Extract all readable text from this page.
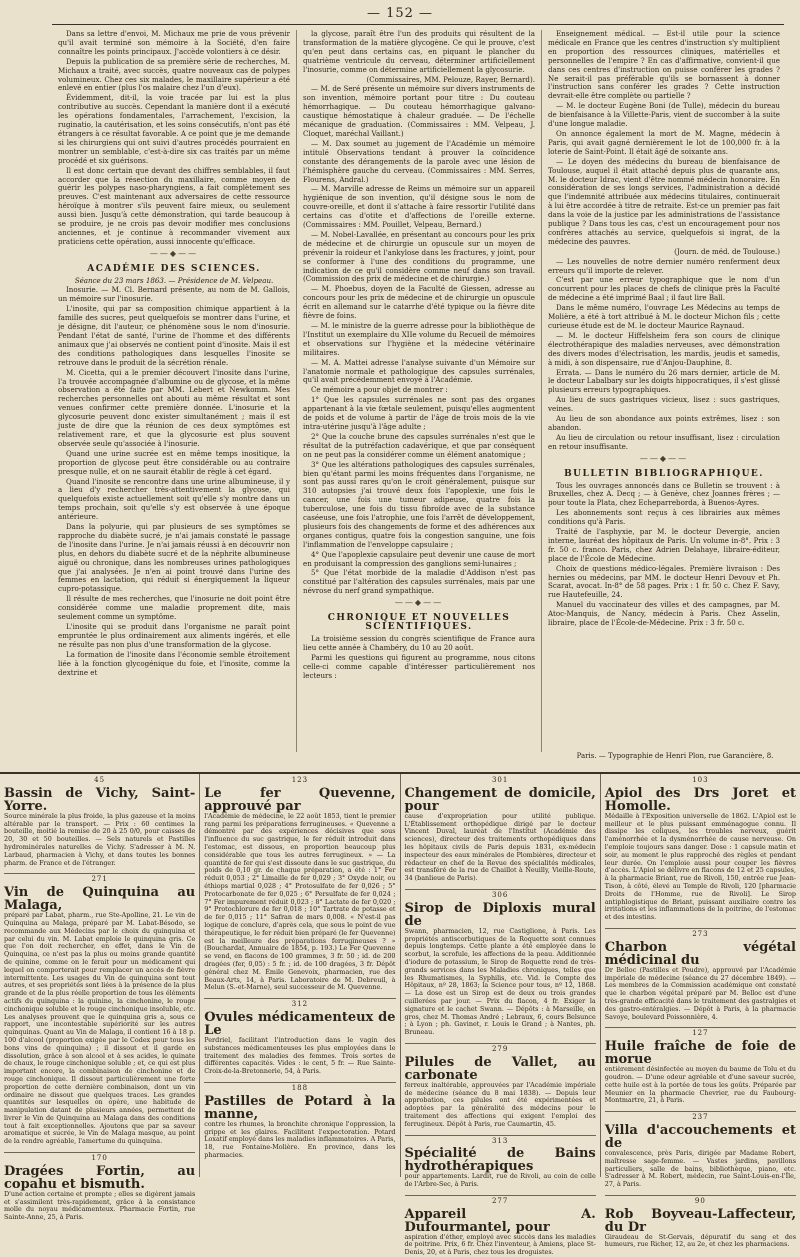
— 152 —

Dans sa lettre d'envoi, M. Michaux me prie de vous prévenir qu'il avait terminé son mémoire à la Société, d'en faire connaître les points principaux. J'accède volontiers à ce désir.

Depuis la publication de sa première série de recherches, M. Michaux a traité, avec succès, quatre nouveaux cas de polypes volumineux. Chez ces six malades, le maxillaire supérieur a été enlevé en entier (plus l'os malaire chez l'un d'eux).

Évidemment, dit-il, la voie tracée par lui est la plus contributive au succès. Cependant la manière dont il a exécuté les opérations fondamentales, l'arrachement, l'excision, la ruginatio, la cautérisation, et les soins consécutifs, n'ont pas été étrangers à ce résultat favorable. A ce point que je me demande si les chirurgiens qui ont suivi d'autres procédés pourraient en montrer un semblable, c'est-à-dire six cas traités par un même procédé et six guérisons.

Il est donc certain que devant des chiffres semblables, il faut accorder que la résection du maxillaire, comme moyen de guérir les polypes naso-pharyngiens, a fait complètement ses preuves. C'est maintenant aux adversaires de cette ressource héroïque à montrer s'ils peuvent faire mieux, ou seulement aussi bien. Jusqu'à cette démonstration, qui tarde beaucoup à se produire, je ne crois pas devoir modifier mes conclusions anciennes, et je continue à recommander vivement aux praticiens cette opération, aussi innocente qu'efficace.

——◆——
ACADÉMIE DES SCIENCES.

Séance du 23 mars 1863. — Présidence de M. Velpeau.

Inosurie. — M. Cl. Bernard présente, au nom de M. Gallois, un mémoire sur l'inosurie.

L'inosite, qui par sa composition chimique appartient à la famille des sucres, peut quelquefois se montrer dans l'urine, et je désigne, dit l'auteur, ce phénomène sous le nom d'inosurie. Pendant l'état de santé, l'urine de l'homme et des différents animaux que j'ai observés ne contient point d'inosite. Mais il est des conditions pathologiques dans lesquelles l'inosite se retrouve dans le produit de la sécrétion rénale.

M. Cicetta, qui a le premier découvert l'inosite dans l'urine, l'a trouvée accompagnée d'albumine ou de glycose, et la même observation a été faite par MM. Lebert et Newkomm. Mes recherches personnelles ont abouti au même résultat et sont venues confirmer cette première donnée. L'inosurie et la glycosurie peuvent donc exister simultanément ; mais il est juste de dire que la réunion de ces deux symptômes est relativement rare, et que la glycosurie est plus souvent observée seule qu'associée à l'inosurie.

Quand une urine sucrée est en même temps inositique, la proportion de glycose peut être considérable ou au contraire presque nulle, et on ne saurait établir de règle à cet égard.

Quand l'inosite se rencontre dans une urine albumineuse, il y a lieu d'y rechercher très-attentivement la glycose, qui quelquefois existe actuellement soit qu'elle s'y montre dans un temps prochain, soit qu'elle s'y est observée à une époque antérieure.

Dans la polyurie, qui par plusieurs de ses symptômes se rapproche du diabète sucré, je n'ai jamais constaté le passage de l'inosite dans l'urine. Je n'ai jamais réussi à en découvrir non plus, en dehors du diabète sucré et de la néphrite albumineuse aiguë ou chronique, dans les nombreuses urines pathologiques que j'ai analysées. Je n'en ai point trouvé dans l'urine des femmes en lactation, qui réduit si énergiquement la liqueur cupro-potassique.

Il résulte de mes recherches, que l'inosurie ne doit point être considérée comme une maladie proprement dite, mais seulement comme un symptôme.

L'inosite qui se produit dans l'organisme ne paraît point empruntée le plus ordinairement aux aliments ingérés, et elle ne résulte pas non plus d'une transformation de la glycose.

La formation de l'inosite dans l'économie semble étroitement liée à la fonction glycogénique du foie, et l'inosite, comme la dextrine et

la glycose, paraît être l'un des produits qui résultent de la transformation de la matière glycogène. Ce qui le prouve, c'est qu'en peut dans certains cas, en piquant le plancher du quatrième ventricule du cerveau, déterminer artificiellement l'inosurie, comme on détermine artificiellement la glycosurie.

(Commissaires, MM. Pelouze, Rayer, Bernard).

— M. de Seré présente un mémoire sur divers instruments de son invention, mémoire portant pour titre : Du couteau hémorrhagique. — Du couteau hémorrhagique galvano-caustique hémostatique à chaleur graduée. — De l'échelle mécanique de graduation. (Commissaires : MM. Velpeau, J. Cloquet, maréchal Vaillant.)

— M. Dax soumet au jugement de l'Académie un mémoire intitulé Observations tendant à prouver la coïncidence constante des dérangements de la parole avec une lésion de l'hémisphère gauche du cerveau. (Commissaires : MM. Serres, Flourens, Andral.)

— M. Marville adresse de Reims un mémoire sur un appareil hygiénique de son invention, qu'il désigne sous le nom de couvre-oreille, et dont il s'attache à faire ressortir l'utilité dans certains cas d'otite et d'affections de l'oreille externe. (Commissaires : MM. Pouillet, Velpeau, Bernard.)

— M. Nobel-Lavallée, en présentant au concours pour les prix de médecine et de chirurgie un opuscule sur un moyen de prévenir la roideur et l'ankylose dans les fractures, y joint, pour se conformer à l'une des conditions du programme, une indication de ce qu'il considère comme neuf dans son travail. (Commission des prix de médecine et de chirurgie.)

— M. Phoebus, doyen de la Faculté de Giessen, adresse au concours pour les prix de médecine et de chirurgie un opuscule écrit en allemand sur le catarrhe d'été typique ou la fièvre dite fièvre de foins.

— M. le ministre de la guerre adresse pour la bibliothèque de l'Institut un exemplaire du XIIe volume du Recueil de mémoires et observations sur l'hygiène et la médecine vétérinaire militaires.

— M. A. Mattei adresse l'analyse suivante d'un Mémoire sur l'anatomie normale et pathologique des capsules surrénales, qu'il avait précédemment envoyé à l'Académie.

Ce mémoire a pour objet de montrer :

1° Que les capsules surrénales ne sont pas des organes appartenant à la vie fœtale seulement, puisqu'elles augmentent de poids et de volume à partir de l'âge de trois mois de la vie intra-utérine jusqu'à l'âge adulte ;

2° Que la couche brune des capsules surrénales n'est que le résultat de la putréfaction cadavérique, et que par conséquent on ne peut pas la considérer comme un élément anatomique ;

3° Que les altérations pathologiques des capsules surrénales, bien qu'étant parmi les moins fréquentes dans l'organisme, ne sont pas aussi rares qu'on le croit généralement, puisque sur 310 autopsies j'ai trouvé deux fois l'apoplexie, une fois le cancer, une fois une tumeur adipeuse, quatre fois la tuberculose, une fois du tissu fibroïde avec de la substance caséeuse, une fois l'atrophie, une fois l'arrêt de développement, plusieurs fois des changements de forme et des adhérences aux organes contigus, quatre fois la congestion sanguine, une fois l'inflammation de l'enveloppe capsulaire ;

4° Que l'apoplexie capsulaire peut devenir une cause de mort en produisant la compression des ganglions semi-lunaires ;

5° Que l'état morbide de la maladie d'Addison n'est pas constitué par l'altération des capsules surrénales, mais par une névrose du nerf grand sympathique.

——◆——
CHRONIQUE ET NOUVELLES SCIENTIFIQUES.

La troisième session du congrès scientifique de France aura lieu cette année à Chambéry, du 10 au 20 août.

Parmi les questions qui figurent au programme, nous citons celle-ci comme capable d'intéresser particulièrement nos lecteurs :

Enseignement médical. — Est-il utile pour la science médicale en France que les centres d'instruction s'y multiplient en proportion des ressources cliniques, matérielles et personnelles de l'empire ? En cas d'affirmative, convient-il que dans ces centres d'instruction on puisse conférer les grades ? Ne serait-il pas préférable qu'ils se bornassent à donner l'instruction sans conférer les grades ? Cette instruction devrait-elle être complète ou partielle ?

— M. le docteur Eugène Boni (de Tulle), médecin du bureau de bienfaisance à la Villette-Paris, vient de succomber à la suite d'une longue maladie.

On annonce également la mort de M. Magne, médecin à Paris, qui avait gagné dernièrement le lot de 100,000 fr. à la loterie de Saint-Point. Il était âgé de soixante ans.

— Le doyen des médecins du bureau de bienfaisance de Toulouse, auquel il était attaché depuis plus de quarante ans, M. le docteur Idrac, vient d'être nommé médecin honoraire. En considération de ses longs services, l'administration a décidé que l'indemnité attribuée aux médecins titulaires, continuerait à lui être accordée à titre de retraite. Est-ce un premier pas fait dans la voie de la justice par les administrations de l'assistance publique ? Dans tous les cas, c'est un encouragement pour nos confrères attachés au service, quelquefois si ingrat, de la médecine des pauvres.

(Journ. de méd. de Toulouse.)

— Les nouvelles de notre dernier numéro renferment deux erreurs qu'il importe de relever.

C'est par une erreur typographique que le nom d'un concurrent pour les places de chefs de clinique près la Faculté de médecine a été imprimé Baal ; il faut lire Ball.

Dans le même numéro, l'ouvrage Les Médecins au temps de Molière, a été à tort attribué à M. le docteur Michon fils ; cette curieuse étude est de M. le docteur Maurice Raynaud.

— M. le docteur Hiffelsheim fera son cours de clinique électrothérapique des maladies nerveuses, avec démonstration des divers modes d'électrisation, les mardis, jeudis et samedis, à midi, à son dispensaire, rue d'Anjou-Dauphine, 8.

Errata. — Dans le numéro du 26 mars dernier, article de M. le docteur Labalbary sur les doigts hippocratiques, il s'est glissé plusieurs erreurs typographiques.

Au lieu de sucs gastriques vicieux, lisez : sucs gastriques, veines.

Au lieu de son abondance aux points extrêmes, lisez : son abandon.

Au lieu de circulation ou retour insuffisant, lisez : circulation en retour insuffisante.

——◆——
BULLETIN BIBLIOGRAPHIQUE.

Tous les ouvrages annoncés dans ce Bulletin se trouvent : à Bruxelles, chez A. Decq ; — à Genève, chez Joannes frères ; — pour toute la Plata, chez Echeparreborda, à Buenos-Ayres.

Les abonnements sont reçus à ces librairies aux mêmes conditions qu'à Paris.

Traité de l'asphyxie, par M. le docteur Devergie, ancien interne, lauréat des hôpitaux de Paris. Un volume in-8°. Prix : 3 fr. 50 c. franco. Paris, chez Adrien Delahaye, libraire-éditeur, place de l'École de Médecine.

Choix de questions médico-légales. Première livraison : Des hernies ou médecins, par MM. le docteur Henri Devouv et Ph. Scarat, avocat. In-8° de 58 pages. Prix : 1 fr. 50 c. Chez F. Savy, rue Hautefeuille, 24.

Manuel du vaccinateur des villes et des campagnes, par M. Atoc-Manquis, de Nancy, médecin à Paris. Chez Asselin, libraire, place de l'École-de-Médecine. Prix : 3 fr. 50 c.

Paris. — Typographie de Henri Plon, rue Garancière, 8.
45
Bassin de Vichy, Saint-Yorre.

Source minérale la plus froide, la plus gazeuse et la moins altérable par le transport. — Prix : 60 centimes la bouteille, moitié la remise de 20 à 25 0/0, pour caisses de 20, 30 et 50 bouteilles. — Sels naturels et Pastilles hydrominérales naturelles de Vichy. S'adresser à M. N. Larbaud, pharmacien à Vichy, et dans toutes les bonnes pharm. de France et de l'étranger.

271
Vin de Quinquina au Malaga,

préparé par Labat, pharm., rue Ste-Apolline, 21. Le vin de Quinquina au Malaga, préparé par M. Labat-Bésodo, se recommande aux Médecins par le choix du quinquina et par celui du vin. M. Labat emploie le quinquina gris. Ce que l'on doit rechercher, en effet, dans le Vin de Quinquina, ce n'est pas la plus ou moins grande quantité de quinine, comme on le ferait pour un médicament qui lequel on comporterait pour remplacer un accès de fièvre intermittente. Les usages du Vin de quinquina sont tout autres, et ses propriétés sont liées à la présence de la plus grande et de la plus réelle proportion de tous les éléments actifs du quinquina : la quinine, la cinchonine, le rouge cinchonique soluble et le rouge cinchonique insoluble, etc. Les analyses prouvent que le quinquina gris a, sous ce rapport, une incontestable supériorité sur les autres quinquinas. Quant au Vin de Malaga, il contient 16 à 18 p. 100 d'alcool (proportion exigée par le Codex pour tous les bons vins de quinquina) ; il dissout et il garde en dissolution, grâce à son alcool et à ses acides, le quinate de chaux, le rouge cinchonique soluble ; et, ce qui est plus important encore, la combinaison de cinchonine et de rouge cinchonique. Il dissout particulièrement une forte proportion de cette dernière combinaison, dont un vin ordinaire ne dissout que quelques traces. Les grandes quantités sur lesquelles on opère, une habitude de manipulation datant de plusieurs années, permettent de livrer le Vin de Quinquina au Malaga dans des conditions tout à fait exceptionnelles. Ajoutons que par sa saveur aromatique et sucrée, le Vin de Malaga masque, au point de la rendre agréable, l'amertume du quinquina.

170
Dragées Fortin, au copahu et bismuth.

D'une action certaine et prompte ; elles se digèrent jamais et s'assimilent très-rapidement, grâce à la consistance molle du noyau médicamenteux. Pharmacie Fortin, rue Sainte-Anne, 25, à Paris.

123
Le fer Quevenne, approuvé par

l'Académie de médecine, le 22 août 1853, tient le premier rang parmi les préparations ferrugineuses. « Quevenne a démontré par des expériences décisives que sous l'influence du suc gastrique, le fer réduit introduit dans l'estomac, est dissous, en proportion beaucoup plus considérable que tous les autres ferrugineux. » — La quantité de fer qui s'est dissoute dans le suc gastrique, du poids de 0,10 gr. de chaque préparation, a été : 1° Fer réduit 0,053 ; 2° Limaille de fer 0,029 ; 3° Oxyde noir, ou éthiops martial 0,028 ; 4° Protosulfate de fer 0,026 ; 5° Protocarbonate de fer 0,025 ; 6° Persulfate de fer 0,024 ; 7° Fer impurement réduit 0,023 ; 8° Lactate de fer 0,020 ; 9° Protochlorure de fer 0,018 ; 10° Tartrate de potasse et de fer 0,015 ; 11° Safran de mars 0,008. « N'est-il pas logique de conclure, d'après cela, que sous le point de vue thérapeutique, le fer réduit bien préparé (le fer Quevenne) est la meilleure des préparations ferrugineuses ? » (Bouchardat, Annuaire de 1854, p. 193.) Le Fer Quevenne se vend, en flacons de 100 grammes, 3 fr. 50 ; id. de 200 dragées (fer, 0,05) : 5 fr. ; id. de 100 dragées, 3 fr. Dépôt général chez M. Émile Genevoix, pharmacien, rue des Beaux-Arts, 14, à Paris. Laboratoire de M. Debreuil, à Melun (S.-et-Marne), seul successeur de M. Quevenne.

312
Ovules médicamenteux de Le

Perdriel, facilitant l'introduction dans le vagin des substances médicamenteuses les plus employées dans le traitement des maladies des femmes. Trois sortes de différentes capacités. Vides : le cent, 5 fr. — Rue Sainte-Croix-de-la-Bretonnerie, 54, à Paris.

188
Pastilles de Potard à la manne,

contre les rhumes, la bronchite chronique l'oppression, la grippe et les glaires. Facilitent l'expectoration. Potard Loxatif employé dans les maladies inflammatoires. A Paris, 18, rue Fontaine-Molière. En province, dans les pharmacies.

301
Changement de domicile, pour

cause d'expropriation pour utilité publique. L'Établissement orthopédique dirigé par le docteur Vincent Duval, lauréat de l'Institut (Académie des sciences), directeur des traitements orthopédiques dans les hôpitaux civils de Paris depuis 1831, ex-médecin inspecteur des eaux minérales de Plombières, directeur et rédacteur en chef de la Revue des spécialités médicales, est transféré de la rue de Chaillot à Neuilly, Vieille-Route, 34 (banlieue de Paris).

306
Sirop de Diploxis mural de

Swann, pharmacien, 12, rue Castiglione, à Paris. Les propriétés antiscorbutiques de la Roquette sont connues depuis longtemps. Cette plante a été employée dans le scorbut, la scrofule, les affections de la peau. Additionnée d'iodure de potassium, le Sirop de Roquette rend de très-grands services dans les Maladies chroniques, telles que les Rhumatismes, la Syphilis, etc. Vid. le Compte des Hôpitaux, nº 28, 1863; la Science pour tous, nº 12, 1868. — La dose est un Sirop est de deux ou trois grandes cuillerées par jour. — Prix du flacon, 4 fr. Exiger la signature et le cachet Swann. — Dépôts : à Marseille, en gros, chez M. Thomas André ; Lebraux, 6, cours Belsunce ; à Lyon ; ph. Gavinet, r. Louis le Grand ; à Nantes, ph. Bruneau.

279
Pilules de Vallet, au carbonate

ferreux inaltérable, approuvées par l'Académie impériale de médecine (séance du 8 mai 1838). — Depuis leur approbation, ces pilules ont été expérimentées et adoptées par la généralité des médecins pour le traitement des affections qui exigent l'emploi des ferrugineux. Dépôt à Paris, rue Caumartin, 45.

313
Spécialité de Bains hydrothérapiques

pour appartements. Lardit, rue de Rivoli, au coin de celle de l'Arbre-Sec, à Paris.

277
Appareil A. Dufourmantel, pour

aspiration d'éther, employé avec succès dans les maladies de poitrine. Prix, 6 fr. Chez l'inventeur, à Amiens, place St-Denis, 20, et à Paris, chez tous les droguistes.

103
Apiol des Drs Joret et Homolle.

Médaille à l'Exposition universelle de 1862. L'Apiol est le meilleur et le plus puissant emménagogue connu. Il dissipe les coliques, les troubles nerveux, guérit l'aménorrhée et la dysménorrhée de cause nerveuse. On l'emploie toujours sans danger. Dose : 1 capsule matin et soir, au moment le plus rapproché des règles et pendant leur durée. On l'emploie aussi pour couper les fièvres d'accès. L'Apiol se délivre en flacons de 12 et 25 capsules, à la pharmacie Briant, rue de Rivoli, 150, entrée rue Jean-Tison, à côté, élevé au Temple de Rivoli, 120 [pharmacie Droits de l'Homme, rue de Rivoli]. Le Sirop antiphlogistique de Briant, puissant auxiliaire contre les irritations et les inflammations de la poitrine, de l'estomac et des intestins.

273
Charbon végétal médicinal du

Dr Belloc (Pastilles et Poudre), approuvé par l'Académie impériale de médecine (séance du 27 décembre 1849). — Les membres de la Commission académique ont constaté que le charbon végétal préparé par M. Belloc est d'une très-grande efficacité dans le traitement des gastralgies et des gastro-entéralgies. — Dépôt à Paris, à la pharmacie Savoye, boulevard Poissonnière, 4.

127
Huile fraîche de foie de morue

entièrement désinfectée au moyen du baume de Tolu et du goudron. — D'une odeur agréable et d'une saveur sucrée, cette huile est à la portée de tous les goûts. Préparée par Meunier en la pharmacie Chevrier, rue du Faubourg-Montmartre, 21, à Paris.

237
Villa d'accouchements et de

convalescence, près Paris, dirigée par Madame Robert, maîtresse sage-femme. — Vastes jardins, pavillons particuliers, salle de bains, bibliothèque, piano, etc. S'adresser à M. Robert, médecin, rue Saint-Louis-en-l'Île, 27, à Paris.

90
Rob Boyveau-Laffecteur, du Dr

Giraudeau de St-Gervais, dépuratif du sang et des humeurs, rue Richer, 12, au 2e, et chez les pharmaciens.
